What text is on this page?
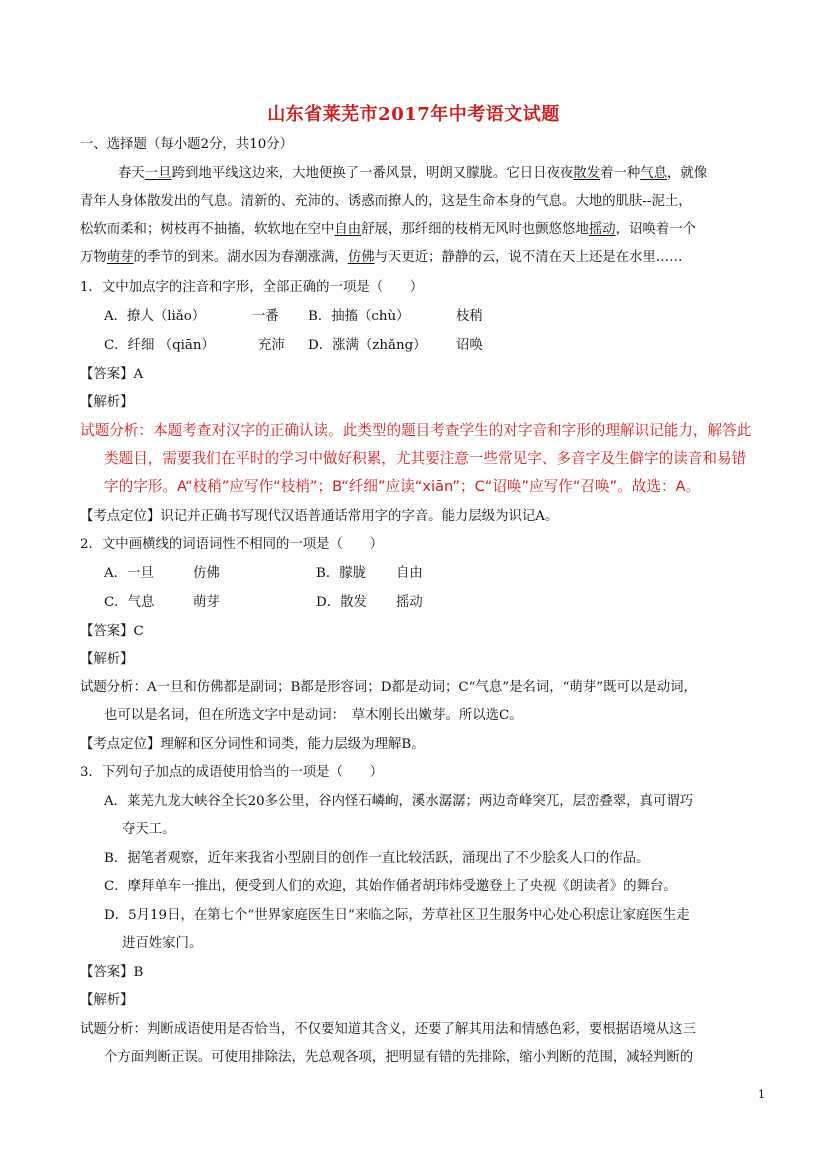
山东省莱芜市2017年中考语文试题
一、选择题（每小题2分，共10分）
春天一旦跨到地平线这边来，大地便换了一番风景，明朗又朦胧。它日日夜夜散发着一种气息，就像
青年人身体散发出的气息。清新的、充沛的、诱惑而撩人的，这是生命本身的气息。大地的肌肤--泥土，
松软而柔和；树枝再不抽搐，软软地在空中自由舒展，那纤细的枝梢无风时也颤悠悠地摇动，诏唤着一个
万物萌芽的季节的到来。湖水因为春潮涨满，仿佛与天更近；静静的云，说不清在天上还是在水里……
1．文中加点字的注音和字形，全部正确的一项是（　　）
A．撩人（liǎo）	一番 B．抽搐（chù）	枝稍
C．纤细 （qiān）	充沛 D．涨满（zhǎng） 诏唤
【答案】A
【解析】
试题分析：本题考查对汉字的正确认读。此类型的题目考查学生的对字音和字形的理解识记能力，解答此
类题目，需要我们在平时的学习中做好积累，尤其要注意一些常见字、多音字及生僻字的读音和易错
字的字形。A“枝稍”应写作“枝梢”；B“纤细”应读“xiān”；C“诏唤”应写作“召唤”。故选：A。
【考点定位】识记并正确书写现代汉语普通话常用字的字音。能力层级为识记A。
2．文中画横线的词语词性不相同的一项是（　　）
A．一旦	仿佛	B．朦胧 自由
C．气息	萌芽	D．散发 摇动
【答案】C
【解析】
试题分析：A一旦和仿佛都是副词；B都是形容词；D都是动词；C“气息”是名词，“萌芽”既可以是动词，
也可以是名词，但在所选文字中是动词：　草木刚长出嫩芽。所以选C。
【考点定位】理解和区分词性和词类，能力层级为理解B。
3．下列句子加点的成语使用恰当的一项是（　　）
A．莱芜九龙大峡谷全长20多公里，谷内怪石嶙峋，溪水潺潺；两边奇峰突兀，层峦叠翠，真可谓巧
夺天工。
B．据笔者观察，近年来我省小型剧目的创作一直比较活跃，涌现出了不少脍炙人口的作品。
C．摩拜单车一推出，便受到人们的欢迎，其始作俑者胡玮炜受邀登上了央视《朗读者》的舞台。
D．5月19日，在第七个“世界家庭医生日”来临之际，芳草社区卫生服务中心处心积虑让家庭医生走
进百姓家门。
【答案】B
【解析】
试题分析：判断成语使用是否恰当，不仅要知道其含义，还要了解其用法和情感色彩，要根据语境从这三
个方面判断正误。可使用排除法，先总观各项，把明显有错的先排除，缩小判断的范围，减轻判断的
1
